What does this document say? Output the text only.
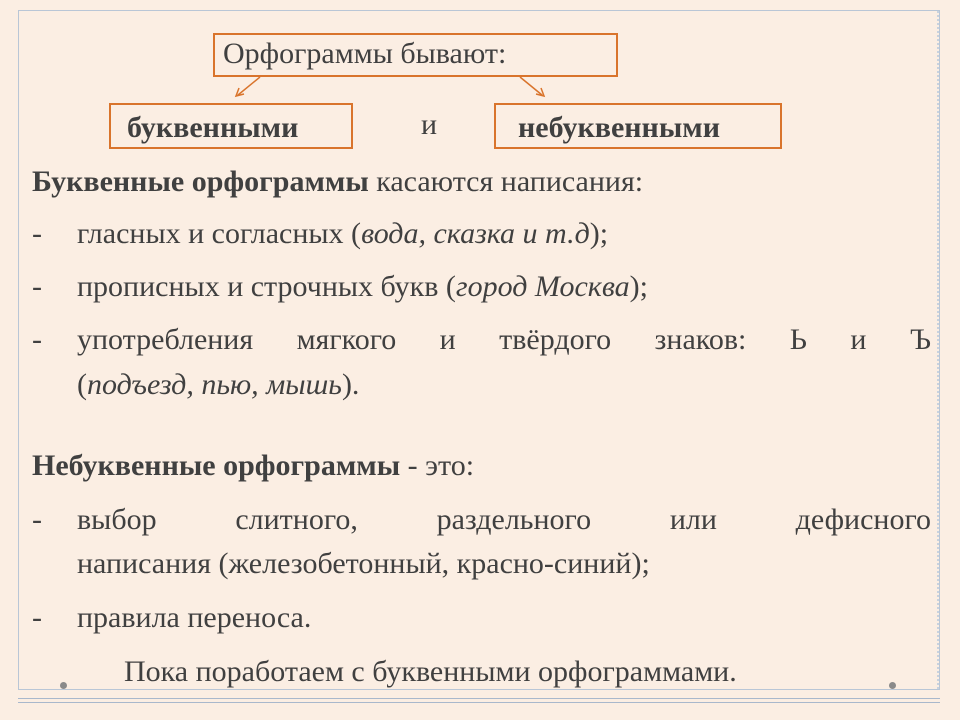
Орфограммы бывают:
буквенными	и	небуквенными
Буквенные орфограммы касаются написания:
- гласных и согласных (вода, сказка и т.д);
- прописных и строчных букв (город Москва);
- употребления мягкого и твёрдого знаков: Ь и Ъ
(подъезд, пью, мышь).
Небуквенные орфограммы - это:
- выбор слитного, раздельного или дефисного
написания (железобетонный, красно-синий);
- правила переноса.
Пока поработаем с буквенными орфограммами.
